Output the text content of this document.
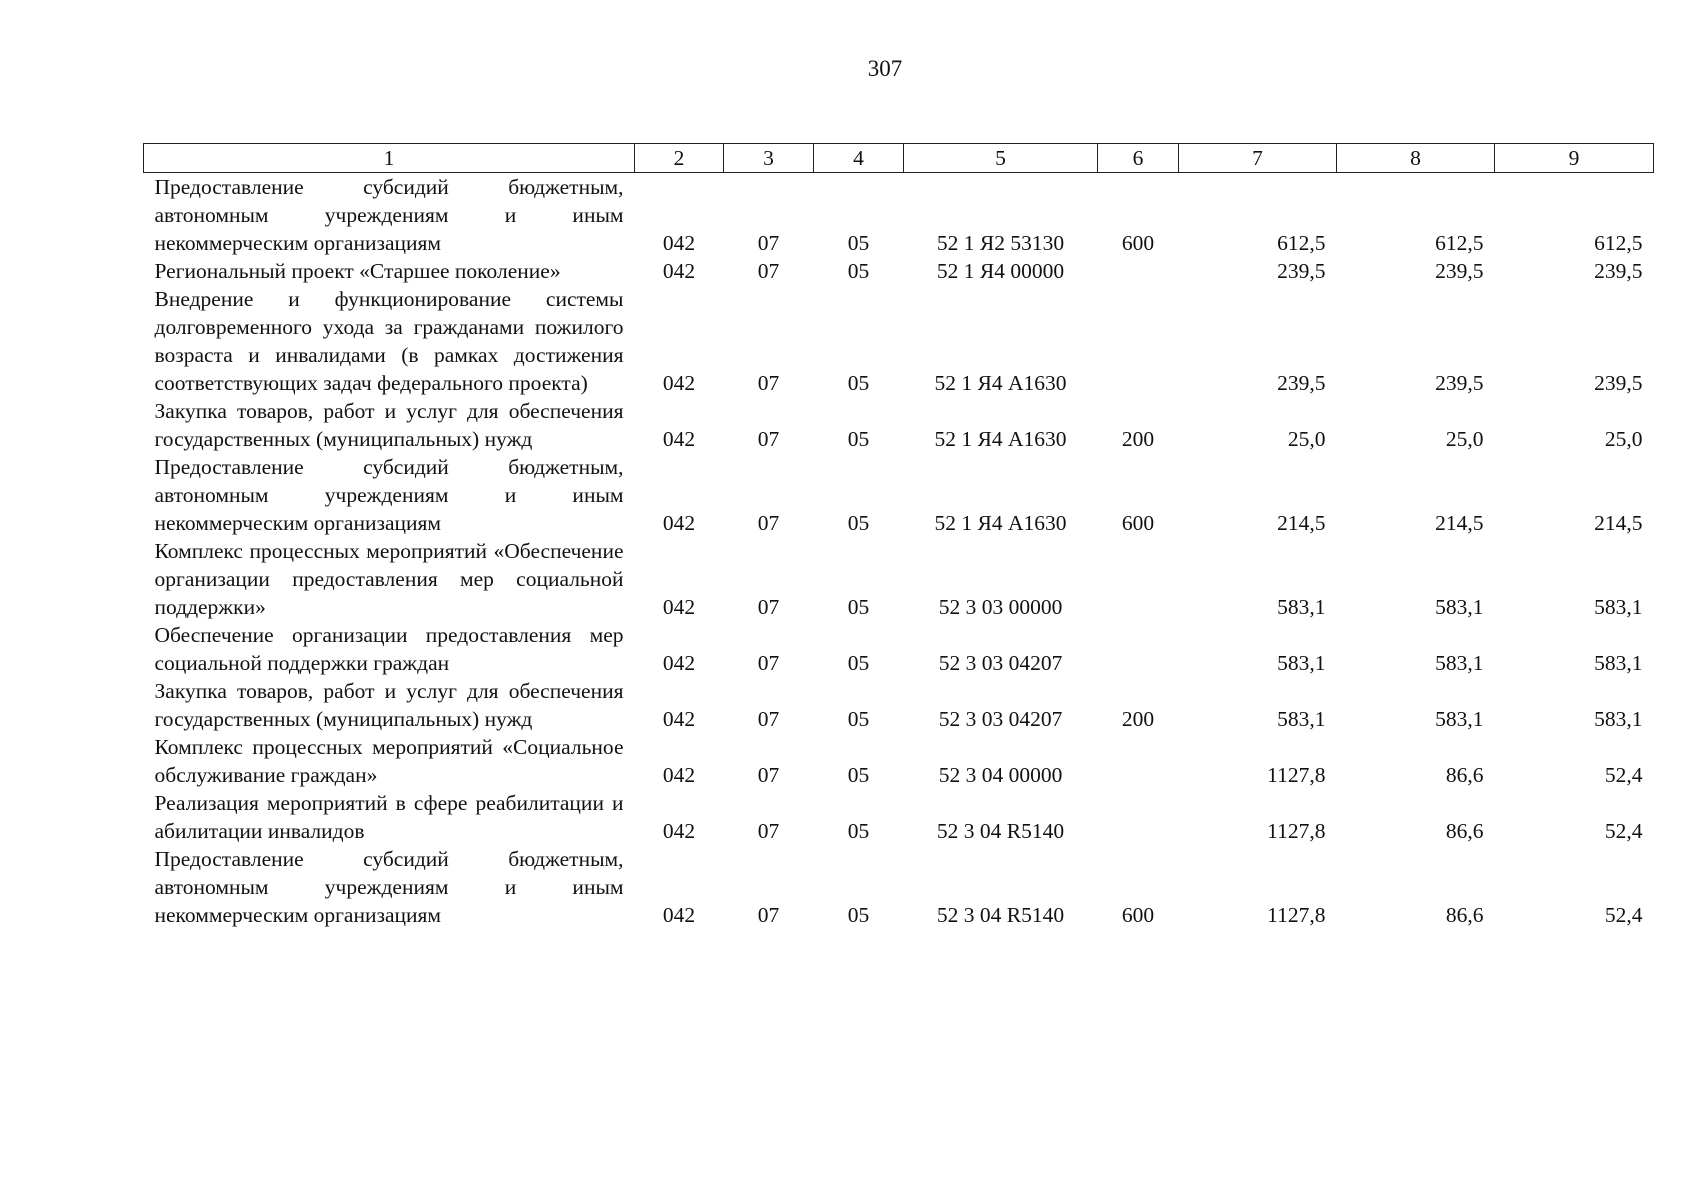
307
1	2	3	4	5	6	7	8	9
Предоставление субсидий бюджетным, автономным учреждениям и иным некоммерческим организациям	042	07	05	52 1 Я2 53130	600	612,5	612,5	612,5
Региональный проект «Старшее поколение»	042	07	05	52 1 Я4 00000		239,5	239,5	239,5
Внедрение и функционирование системы долговременного ухода за гражданами пожилого возраста и инвалидами (в рамках достижения соответствующих задач федерального проекта)	042	07	05	52 1 Я4 А1630		239,5	239,5	239,5
Закупка товаров, работ и услуг для обеспечения государственных (муниципальных) нужд	042	07	05	52 1 Я4 А1630	200	25,0	25,0	25,0
Предоставление субсидий бюджетным, автономным учреждениям и иным некоммерческим организациям	042	07	05	52 1 Я4 А1630	600	214,5	214,5	214,5
Комплекс процессных мероприятий «Обеспечение организации предоставления мер социальной поддержки»	042	07	05	52 3 03 00000		583,1	583,1	583,1
Обеспечение организации предоставления мер социальной поддержки граждан	042	07	05	52 3 03 04207		583,1	583,1	583,1
Закупка товаров, работ и услуг для обеспечения государственных (муниципальных) нужд	042	07	05	52 3 03 04207	200	583,1	583,1	583,1
Комплекс процессных мероприятий «Социальное обслуживание граждан»	042	07	05	52 3 04 00000		1127,8	86,6	52,4
Реализация мероприятий в сфере реабилитации и абилитации инвалидов	042	07	05	52 3 04 R5140		1127,8	86,6	52,4
Предоставление субсидий бюджетным, автономным учреждениям и иным некоммерческим организациям	042	07	05	52 3 04 R5140	600	1127,8	86,6	52,4
